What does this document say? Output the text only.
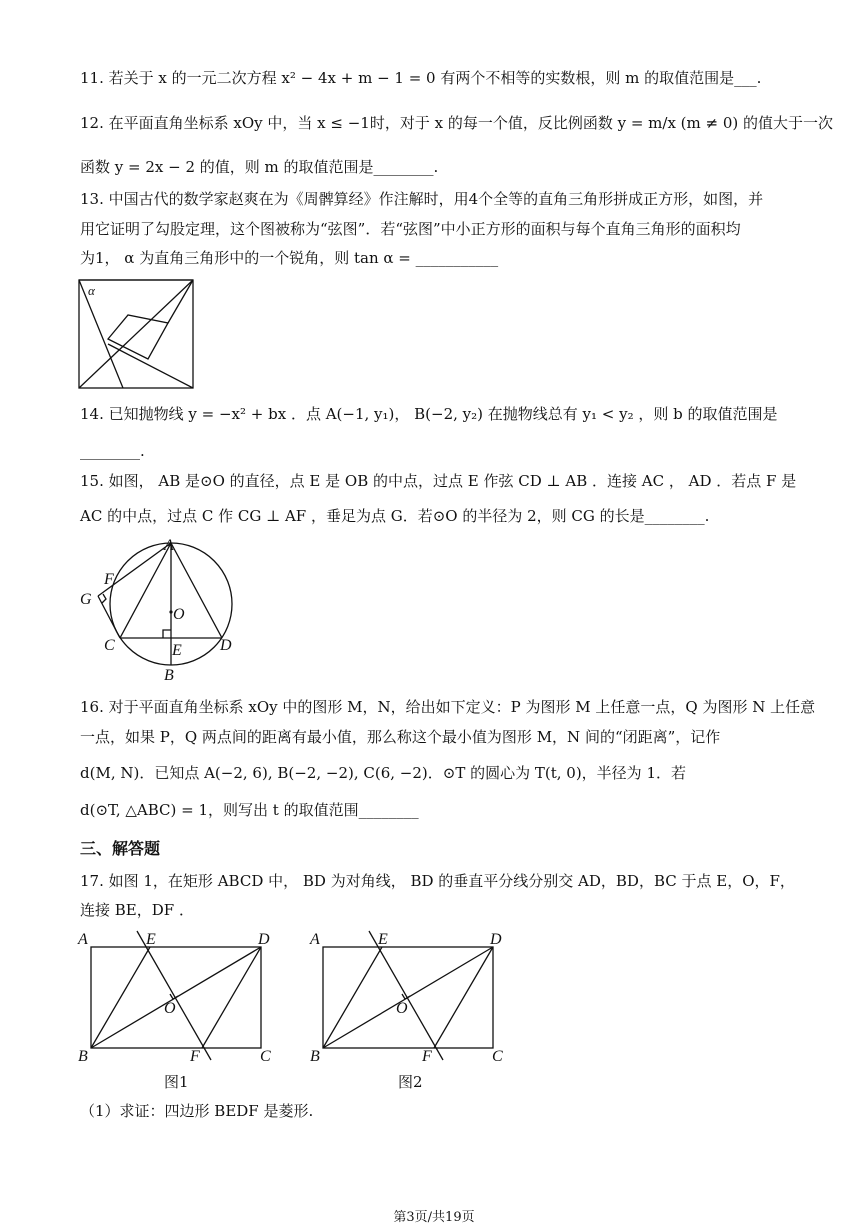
11. 若关于 x 的一元二次方程 x² − 4x + m − 1 = 0 有两个不相等的实数根，则 m 的取值范围是___.
12. 在平面直角坐标系 xOy 中，当 x ≤ −1时，对于 x 的每一个值，反比例函数 y = m/x (m ≠ 0) 的值大于一次
函数 y = 2x − 2 的值，则 m 的取值范围是________.
13. 中国古代的数学家赵爽在为《周髀算经》作注解时，用4个全等的直角三角形拼成正方形，如图，并
用它证明了勾股定理，这个图被称为“弦图”．若“弦图”中小正方形的面积与每个直角三角形的面积均
为1， α 为直角三角形中的一个锐角，则 tan α = ___________
α
14. 已知抛物线 y = −x² + bx ．点 A(−1, y₁)， B(−2, y₂) 在抛物线总有 y₁ < y₂ ，则 b 的取值范围是
________.
15. 如图， AB 是⊙O 的直径，点 E 是 OB 的中点，过点 E 作弦 CD ⊥ AB ．连接 AC ， AD ．若点 F 是
AC 的中点，过点 C 作 CG ⊥ AF ，垂足为点 G．若⊙O 的半径为 2，则 CG 的长是________.
A
F
G
O
C	E D
B
16. 对于平面直角坐标系 xOy 中的图形 M，N，给出如下定义：P 为图形 M 上任意一点，Q 为图形 N 上任意
一点，如果 P，Q 两点间的距离有最小值，那么称这个最小值为图形 M，N 间的“闭距离”，记作
d(M, N)．已知点 A(−2, 6), B(−2, −2), C(6, −2)．⊙T 的圆心为 T(t, 0)，半径为 1．若
d(⊙T, △ABC) = 1，则写出 t 的取值范围________
三、解答题
17. 如图 1，在矩形 ABCD 中， BD 为对角线， BD 的垂直平分线分别交 AD，BD，BC 于点 E，O，F，
连接 BE，DF ．
A	E	D
O
B	F	C
图1
A	E	D
O
B	F	C
图2
（1）求证：四边形 BEDF 是菱形.
第3页/共19页
